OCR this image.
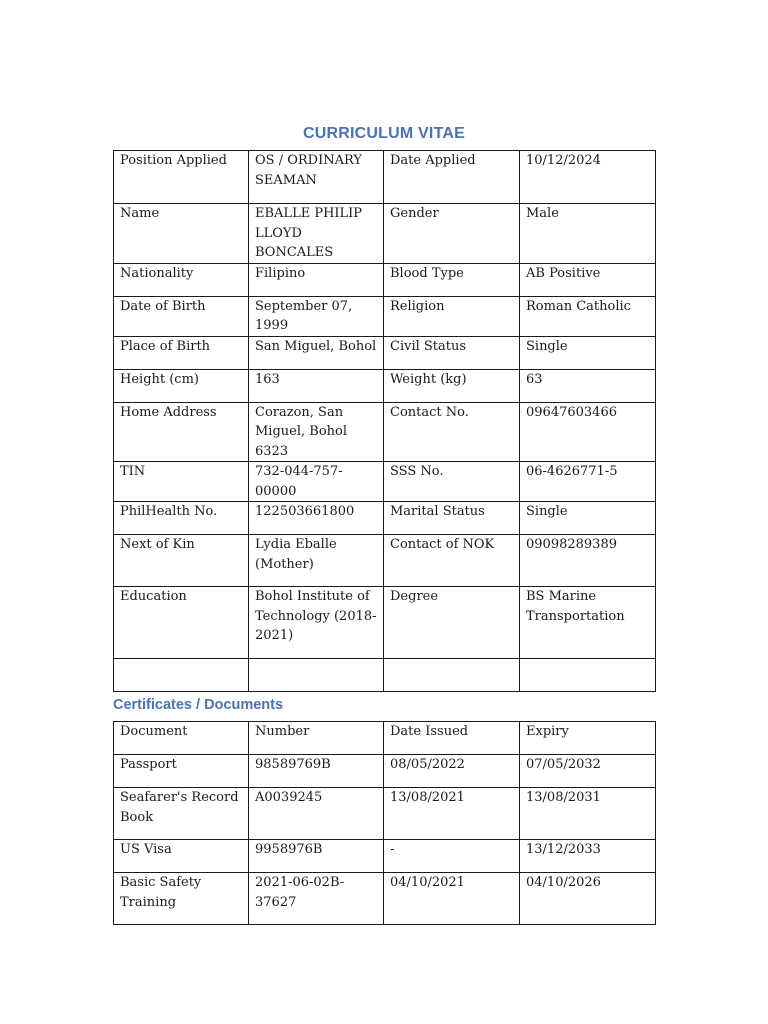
CURRICULUM VITAE
Position Applied	OS / ORDINARY SEAMAN	Date Applied	10/12/2024
Name	EBALLE PHILIP LLOYD BONCALES	Gender	Male
Nationality	Filipino	Blood Type	AB Positive
Date of Birth	September 07, 1999	Religion	Roman Catholic
Place of Birth	San Miguel, Bohol	Civil Status	Single
Height (cm)	163	Weight (kg)	63
Home Address	Corazon, San Miguel, Bohol 6323	Contact No.	09647603466
TIN	732-044-757-00000	SSS No.	06-4626771-5
PhilHealth No.	122503661800	Marital Status	Single
Next of Kin	Lydia Eballe (Mother)	Contact of NOK	09098289389
Education	Bohol Institute of Technology (2018-2021)	Degree	BS Marine Transportation

Certificates / Documents
Document	Number	Date Issued	Expiry
Passport	98589769B	08/05/2022	07/05/2032
Seafarer's Record Book	A0039245	13/08/2021	13/08/2031
US Visa	9958976B	-	13/12/2033
Basic Safety Training	2021-06-02B-37627	04/10/2021	04/10/2026
